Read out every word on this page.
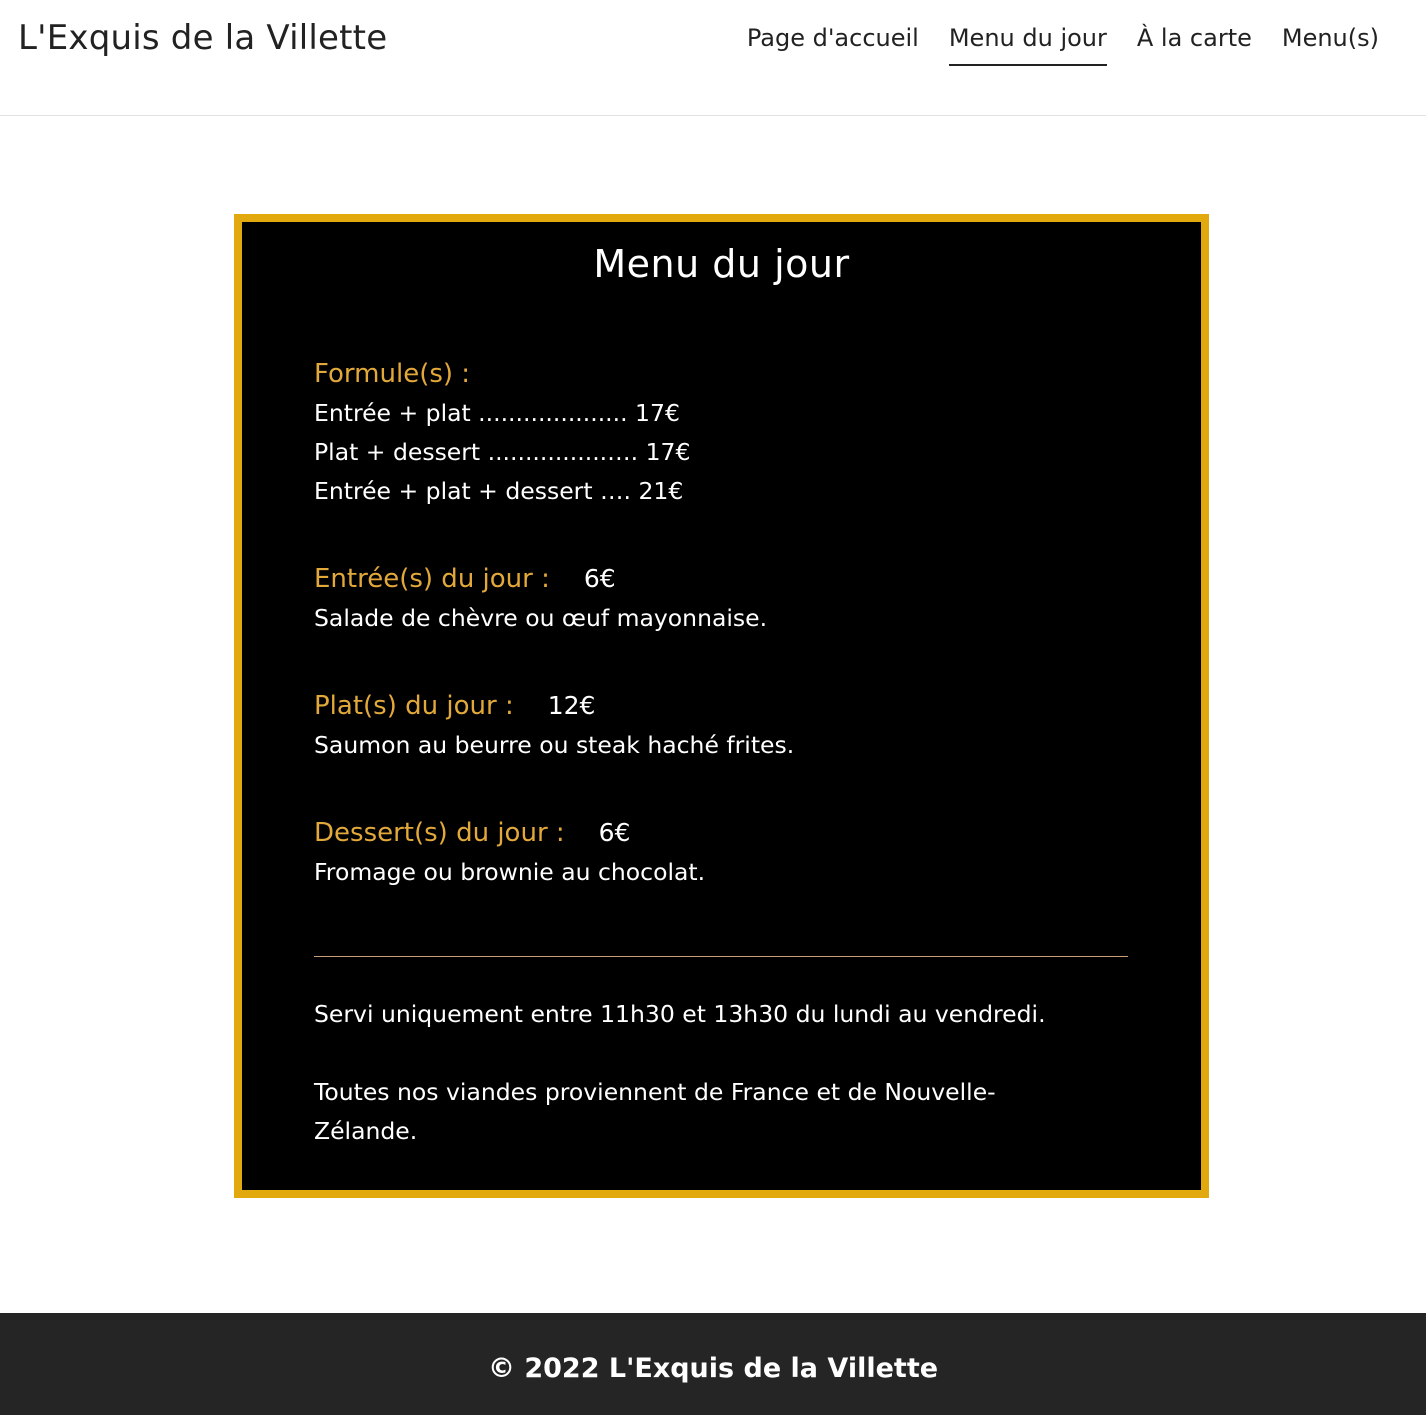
L'Exquis de la Villette	Page d'accueil Menu du jour À la carte Menu(s)
Menu du jour
Formule(s) :
Entrée + plat .................... 17€
Plat + dessert ................…. 17€
Entrée + plat + dessert …. 21€
Entrée(s) du jour : 6€
Salade de chèvre ou œuf mayonnaise.
Plat(s) du jour : 12€
Saumon au beurre ou steak haché frites.
Dessert(s) du jour : 6€
Fromage ou brownie au chocolat.

Servi uniquement entre 11h30 et 13h30 du lundi au vendredi.

Toutes nos viandes proviennent de France et de Nouvelle-Zélande.

© 2022 L'Exquis de la Villette
